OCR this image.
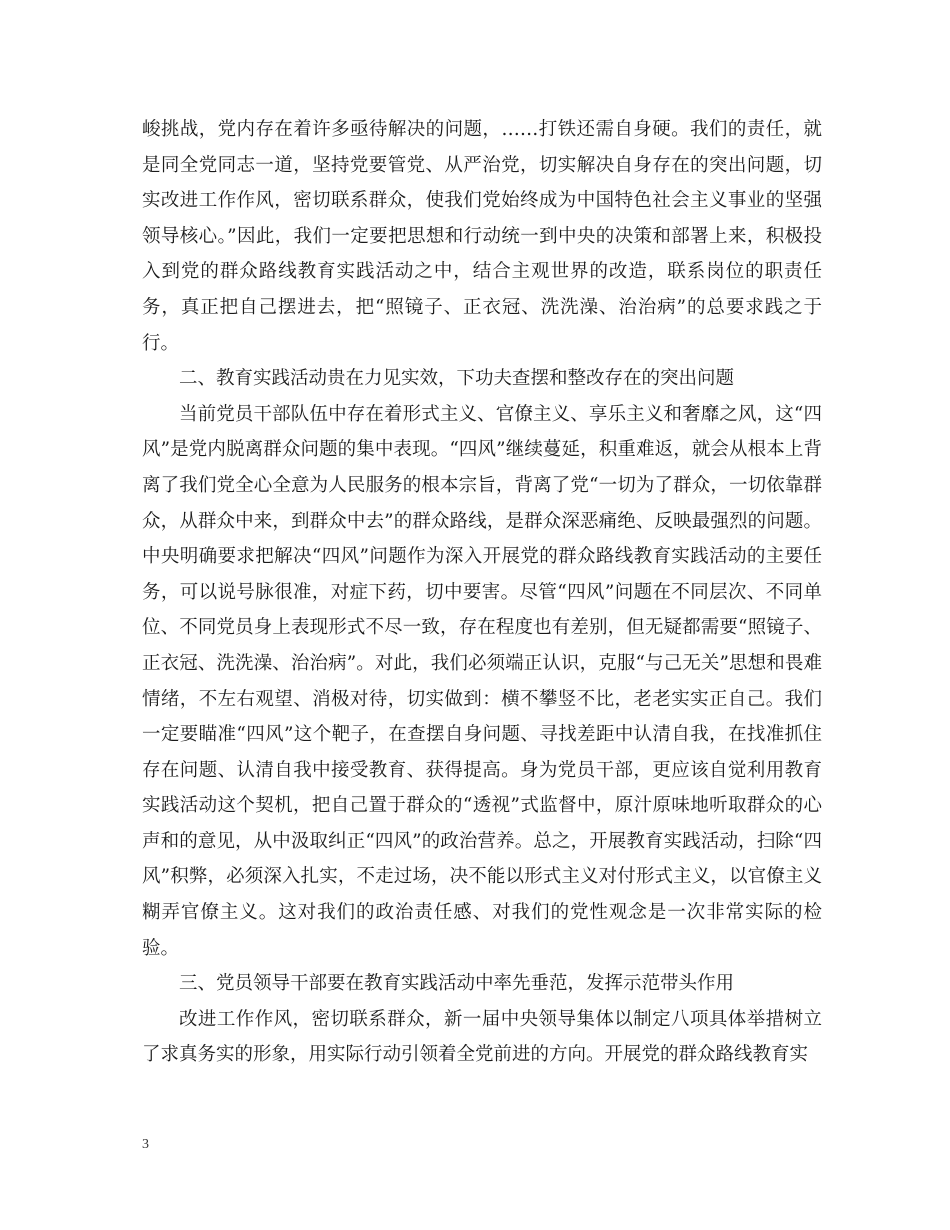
峻挑战，党内存在着许多亟待解决的问题，……打铁还需自身硬。我们的责任，就是同全党同志一道，坚持党要管党、从严治党，切实解决自身存在的突出问题，切实改进工作作风，密切联系群众，使我们党始终成为中国特色社会主义事业的坚强领导核心。”因此，我们一定要把思想和行动统一到中央的决策和部署上来，积极投入到党的群众路线教育实践活动之中，结合主观世界的改造，联系岗位的职责任务，真正把自己摆进去，把“照镜子、正衣冠、洗洗澡、治治病”的总要求践之于行。

二、教育实践活动贵在力见实效，下功夫查摆和整改存在的突出问题

当前党员干部队伍中存在着形式主义、官僚主义、享乐主义和奢靡之风，这“四风”是党内脱离群众问题的集中表现。“四风”继续蔓延，积重难返，就会从根本上背离了我们党全心全意为人民服务的根本宗旨，背离了党“一切为了群众，一切依靠群众，从群众中来，到群众中去”的群众路线，是群众深恶痛绝、反映最强烈的问题。中央明确要求把解决“四风”问题作为深入开展党的群众路线教育实践活动的主要任务，可以说号脉很准，对症下药，切中要害。尽管“四风”问题在不同层次、不同单位、不同党员身上表现形式不尽一致，存在程度也有差别，但无疑都需要“照镜子、正衣冠、洗洗澡、治治病”。对此，我们必须端正认识，克服“与己无关”思想和畏难情绪，不左右观望、消极对待，切实做到：横不攀竖不比，老老实实正自己。我们一定要瞄准“四风”这个靶子，在查摆自身问题、寻找差距中认清自我，在找准抓住存在问题、认清自我中接受教育、获得提高。身为党员干部，更应该自觉利用教育实践活动这个契机，把自己置于群众的“透视”式监督中，原汁原味地听取群众的心声和的意见，从中汲取纠正“四风”的政治营养。总之，开展教育实践活动，扫除“四风”积弊，必须深入扎实，不走过场，决不能以形式主义对付形式主义，以官僚主义糊弄官僚主义。这对我们的政治责任感、对我们的党性观念是一次非常实际的检验。

三、党员领导干部要在教育实践活动中率先垂范，发挥示范带头作用

改进工作作风，密切联系群众，新一届中央领导集体以制定八项具体举措树立了求真务实的形象，用实际行动引领着全党前进的方向。开展党的群众路线教育实

3
